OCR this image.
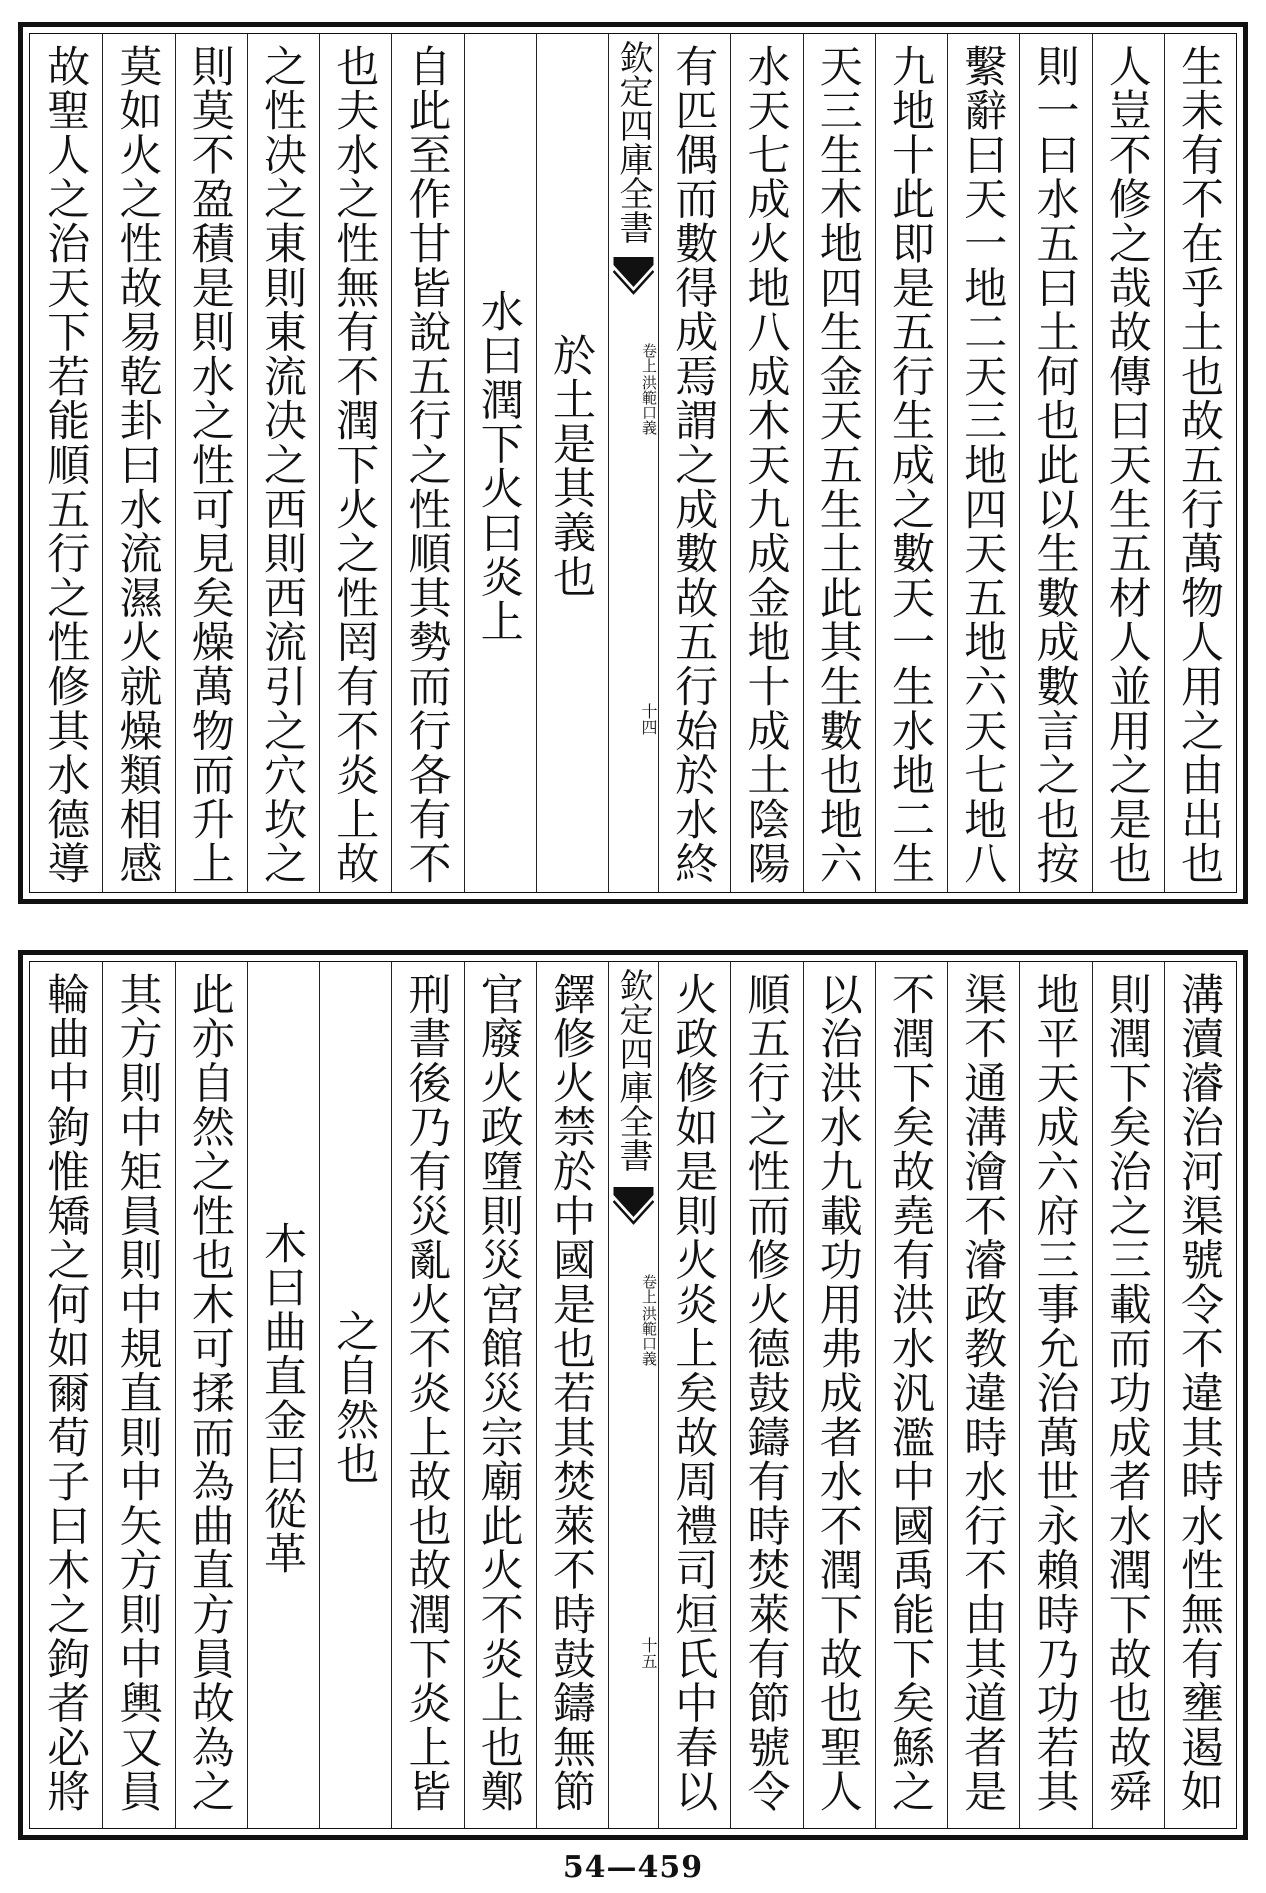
生未有不在乎土也故五行萬物人用之由出也
人豈不修之哉故傳曰天生五材人並用之是也
則一曰水五曰土何也此以生數成數言之也按
繫辭曰天一地二天三地四天五地六天七地八
九地十此即是五行生成之數天一生水地二生
天三生木地四生金天五生土此其生數也地六
水天七成火地八成木天九成金地十成土陰陽
有匹偶而數得成焉謂之成數故五行始於水終
欽定四庫全書
洪範口義
卷上
十四
於土是其義也
水曰潤下火曰炎上
自此至作甘皆說五行之性順其勢而行各有不
也夫水之性無有不潤下火之性罔有不炎上故
之性决之東則東流决之西則西流引之穴坎之
則莫不盈積是則水之性可見矣燥萬物而升上
莫如火之性故易乾卦曰水流濕火就燥類相感
故聖人之治天下若能順五行之性修其水德導
溝瀆濬治河渠號令不違其時水性無有壅遏如
則潤下矣治之三載而功成者水潤下故也故舜
地平天成六府三事允治萬世永賴時乃功若其
渠不通溝澮不濬政教違時水行不由其道者是
不潤下矣故堯有洪水汎濫中國禹能下矣鯀之
以治洪水九載功用弗成者水不潤下故也聖人
順五行之性而修火德鼓鑄有時焚萊有節號令
火政修如是則火炎上矣故周禮司烜氏中春以
欽定四庫全書
洪範口義
卷上
十五
鐸修火禁於中國是也若其焚萊不時鼓鑄無節
官廢火政墮則災宮館災宗廟此火不炎上也鄭
刑書後乃有災亂火不炎上故也故潤下炎上皆
之自然也
木曰曲直金曰從革
此亦自然之性也木可揉而為曲直方員故為之
其方則中矩員則中規直則中矢方則中輿又員
輪曲中鉤惟矯之何如爾荀子曰木之鉤者必將
54—459
